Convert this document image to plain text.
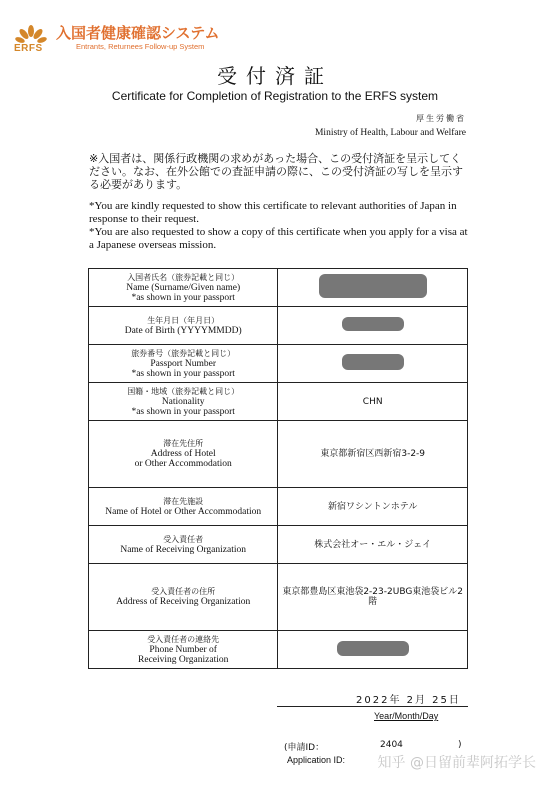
ERFS
入国者健康確認システム
Entrants, Returnees Follow-up System
受付済証
Certificate for Completion of Registration to the ERFS system
厚生労働省
Ministry of Health, Labour and Welfare
※入国者は、関係行政機関の求めがあった場合、この受付済証を呈示してください。なお、在外公館での査証申請の際に、この受付済証の写しを呈示する必要があります。
*You are kindly requested to show this certificate to relevant authorities of Japan in response to their request.
*You are also requested to show a copy of this certificate when you apply for a visa at a Japanese overseas mission.
入国者氏名（旅券記載と同じ）
Name (Surname/Given name)
*as shown in your passport	

生年月日（年月日）
Date of Birth (YYYYMMDD)	

旅券番号（旅券記載と同じ）
Passport Number
*as shown in your passport	

国籍・地域（旅券記載と同じ）
Nationality
*as shown in your passport	CHN

滞在先住所
Address of Hotel
or Other Accommodation	東京都新宿区西新宿3-2-9

滞在先施設
Name of Hotel or Other Accommodation	新宿ワシントンホテル

受入責任者
Name of Receiving Organization	株式会社オー・エル・ジェイ

受入責任者の住所
Address of Receiving Organization	東京都豊島区東池袋2-23-2UBG東池袋ビル2階

受入責任者の連絡先
Phone Number of
Receiving Organization	

2022年 2月 25日
Year/Month/Day
(申請ID：	2404	)
Application ID: 知乎 @日留前辈阿拓学长
